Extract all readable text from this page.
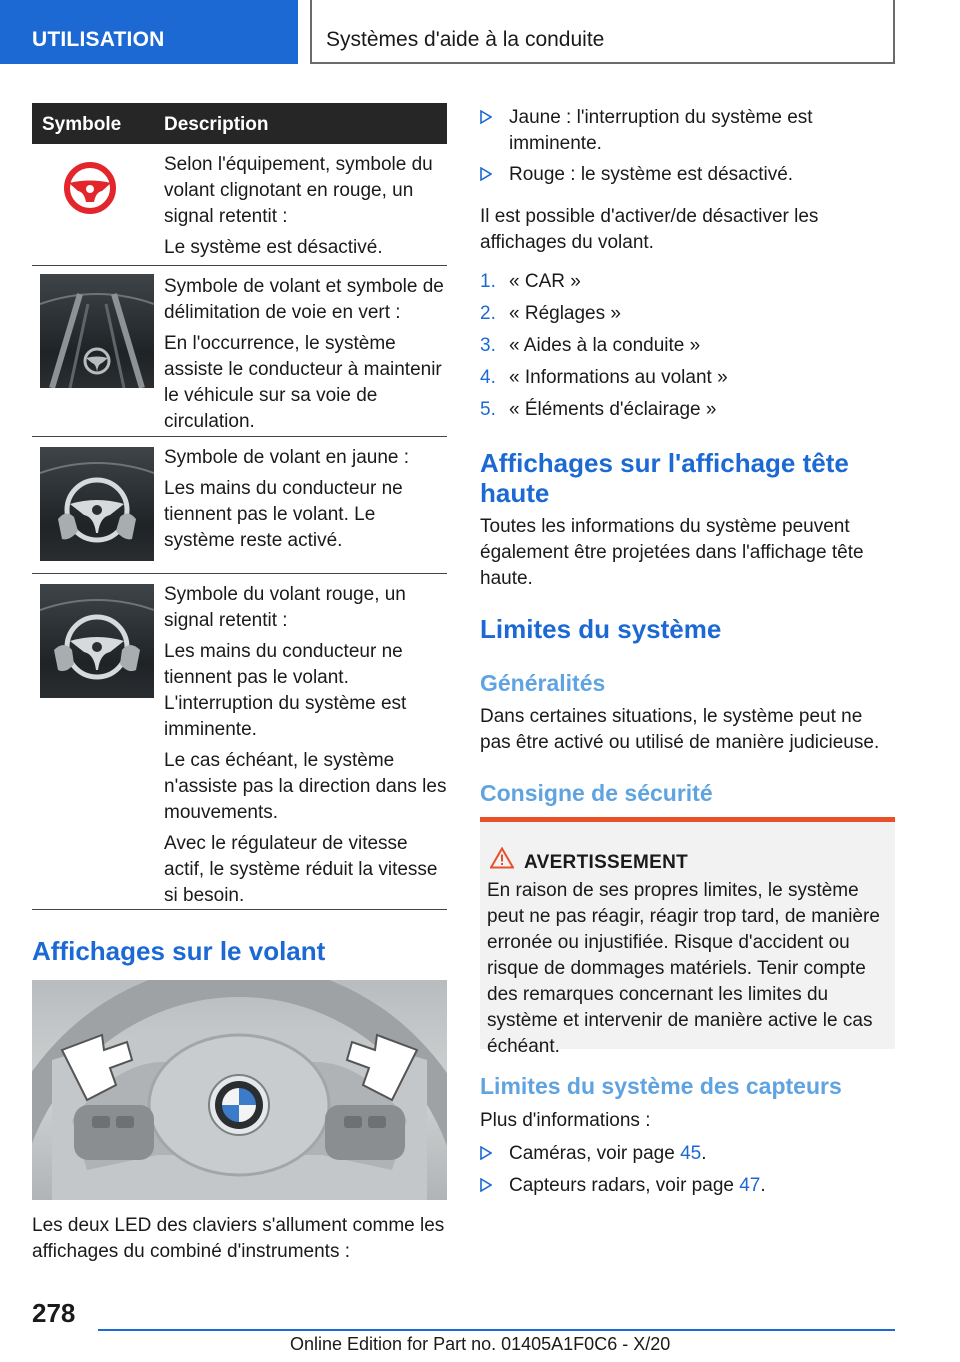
UTILISATION	Systèmes d'aide à la conduite
Symbole Description

Selon l'équipement, symbole du volant clignotant en rouge, un signal retentit :

Le système est désactivé.

Symbole de volant et symbole de délimitation de voie en vert :

En l'occurrence, le système assiste le conducteur à maintenir le véhicule sur sa voie de circulation.

Symbole de volant en jaune :

Les mains du conducteur ne tiennent pas le volant. Le système reste activé.

Symbole du volant rouge, un signal retentit :

Les mains du conducteur ne tiennent pas le volant. L'interruption du système est imminente.

Le cas échéant, le système n'assiste pas la direction dans les mouvements.

Avec le régulateur de vitesse actif, le système réduit la vitesse si besoin.

Affichages sur le volant
Les deux LED des claviers s'allument comme les affichages du combiné d'instruments :
Jaune : l'interruption du système est imminente.
Rouge : le système est désactivé.
Il est possible d'activer/de désactiver les affichages du volant.
1. « CAR »
2. « Réglages »
3. « Aides à la conduite »
4. « Informations au volant »
5. « Éléments d'éclairage »
Affichages sur l'affichage tête haute
Toutes les informations du système peuvent également être projetées dans l'affichage tête haute.
Limites du système
Généralités
Dans certaines situations, le système peut ne pas être activé ou utilisé de manière judicieuse.
Consigne de sécurité
AVERTISSEMENT
En raison de ses propres limites, le système peut ne pas réagir, réagir trop tard, de manière erronée ou injustifiée. Risque d'accident ou risque de dommages matériels. Tenir compte des remarques concernant les limites du système et intervenir de manière active le cas échéant.
Limites du système des capteurs
Plus d'informations :
Caméras, voir page 45.
Capteurs radars, voir page 47.
278
Online Edition for Part no. 01405A1F0C6 - X/20
